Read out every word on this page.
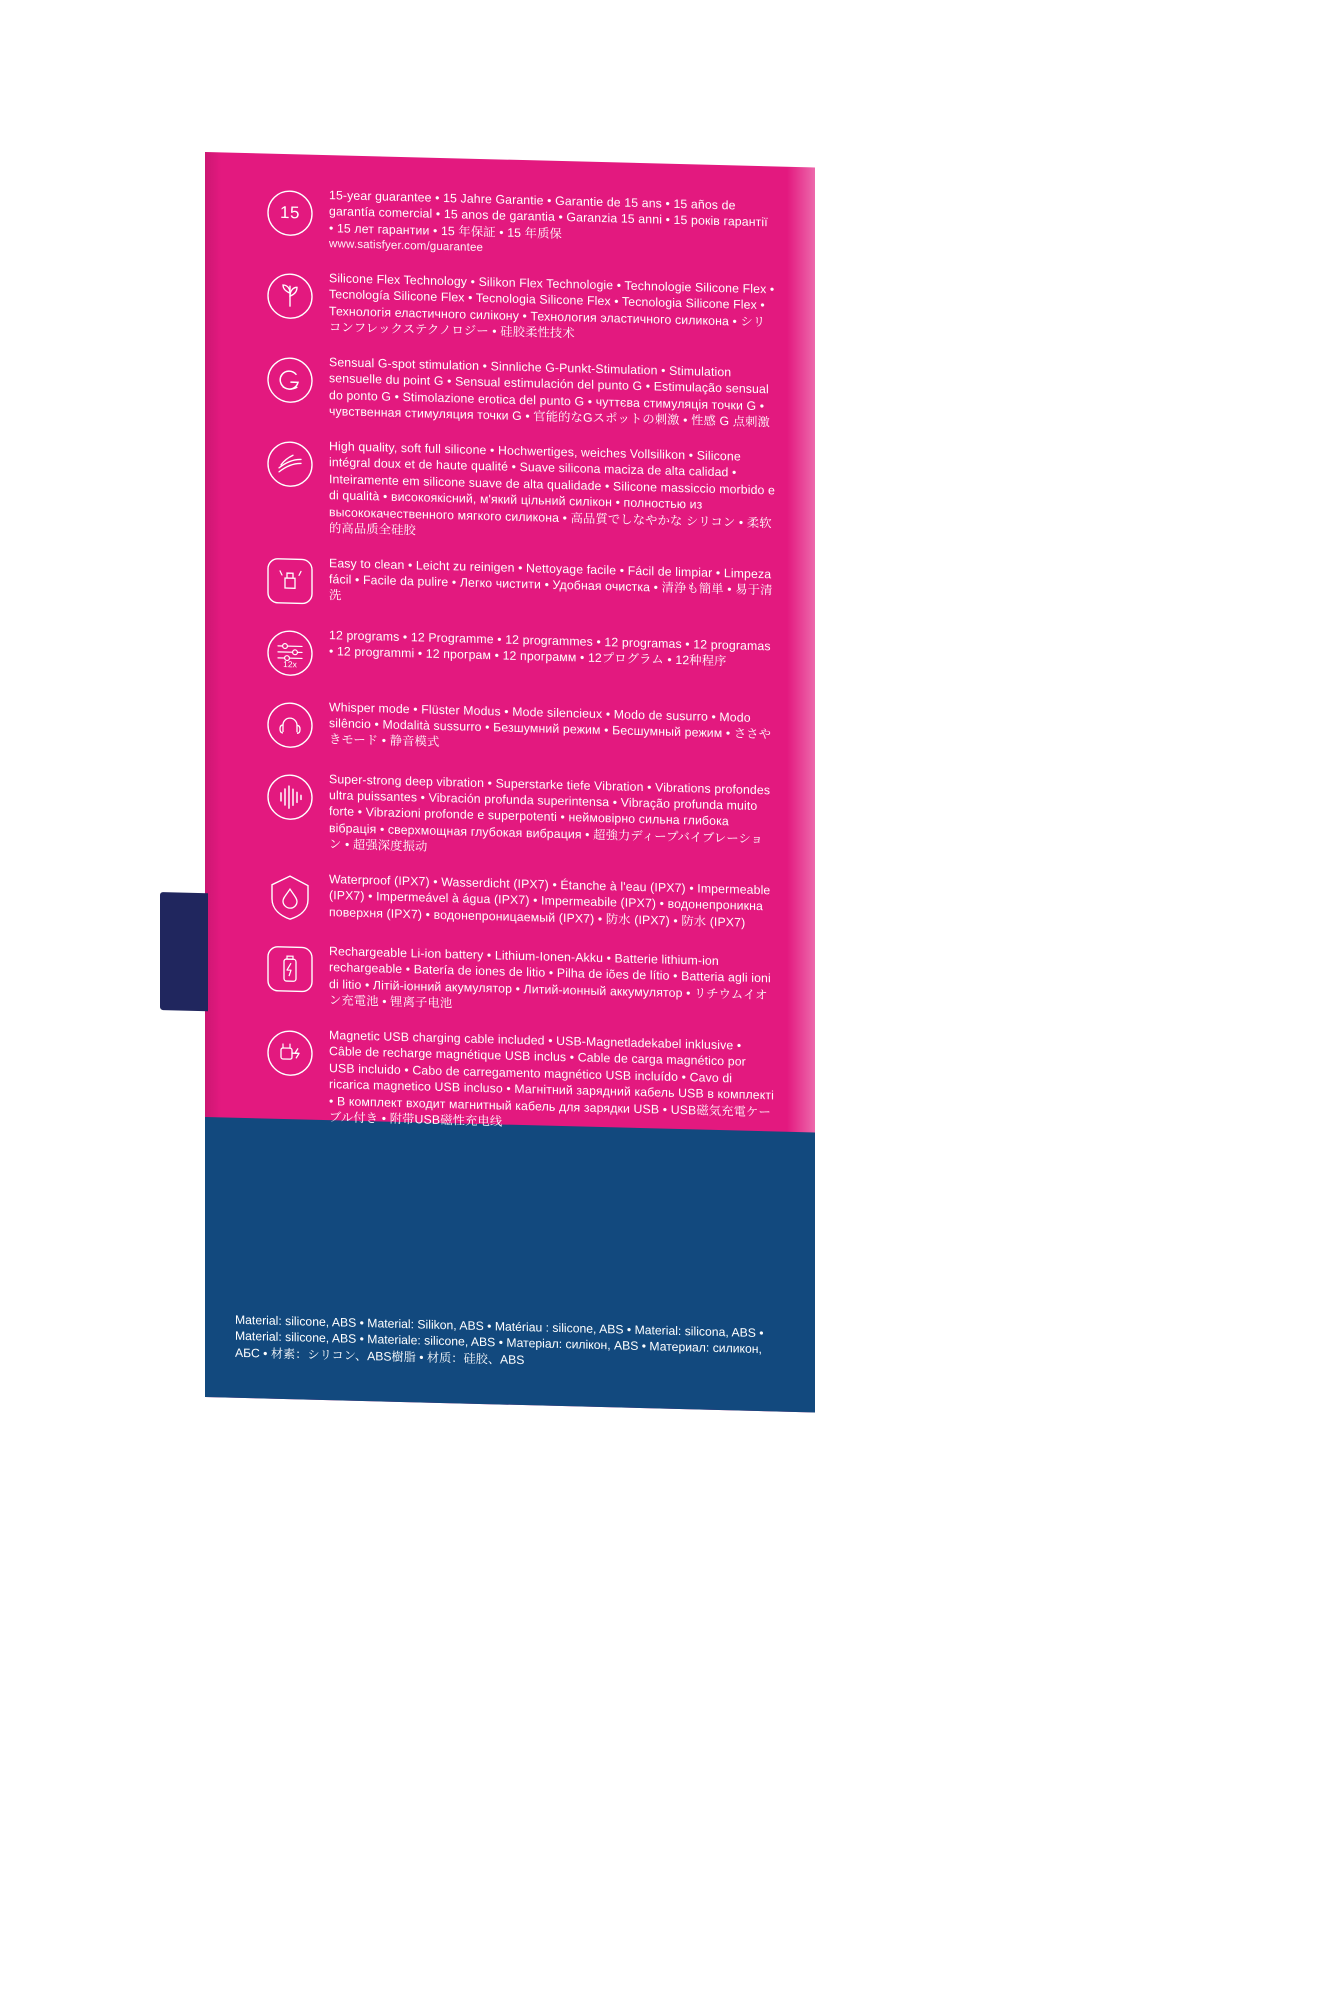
15
15-year guarantee • 15 Jahre Garantie • Garantie de 15 ans • 15 años de garantía comercial • 15 anos de garantia • Garanzia 15 anni • 15 років гарантії • 15 лет гарантии • 15 年保証 • 15 年质保
www.satisfyer.com/guarantee
Silicone Flex Technology • Silikon Flex Technologie • Technologie Silicone Flex • Tecnología Silicone Flex • Tecnologia Silicone Flex • Tecnologia Silicone Flex • Технологія еластичного силікону • Технология эластичного силикона • シリコンフレックステクノロジー • 硅胶柔性技术
Sensual G-spot stimulation • Sinnliche G-Punkt-Stimulation • Stimulation sensuelle du point G • Sensual estimulación del punto G • Estimulação sensual do ponto G • Stimolazione erotica del punto G • чуттєва стимуляція точки G • чувственная стимуляция точки G • 官能的なGスポットの刺激 • 性感 G 点刺激
High quality, soft full silicone • Hochwertiges, weiches Vollsilikon • Silicone intégral doux et de haute qualité • Suave silicona maciza de alta calidad • Inteiramente em silicone suave de alta qualidade • Silicone massiccio morbido e di qualità • високоякісний, м'який цільний силікон • полностью из высококачественного мягкого силикона • 高品質でしなやかな シリコン • 柔软的高品质全硅胶
Easy to clean • Leicht zu reinigen • Nettoyage facile • Fácil de limpiar • Limpeza fácil • Facile da pulire • Легко чистити • Удобная очистка • 清浄も簡単 • 易于清洗
12x
12 programs • 12 Programme • 12 programmes • 12 programas • 12 programas • 12 programmi • 12 програм • 12 программ • 12プログラム • 12种程序
Whisper mode • Flüster Modus • Mode silencieux • Modo de susurro • Modo silêncio • Modalità sussurro • Безшумний режим • Бесшумный режим • ささやきモード • 静音模式
Super-strong deep vibration • Superstarke tiefe Vibration • Vibrations profondes ultra puissantes • Vibración profunda superintensa • Vibração profunda muito forte • Vibrazioni profonde e superpotenti • неймовірно сильна глибока вібрація • сверхмощная глубокая вибрация • 超強力ディープバイブレーション • 超强深度振动
Waterproof (IPX7) • Wasserdicht (IPX7) • Étanche à l'eau (IPX7) • Impermeable (IPX7) • Impermeável à água (IPX7) • Impermeabile (IPX7) • водонепроникна поверхня (IPX7) • водонепроницаемый (IPX7) • 防水 (IPX7) • 防水 (IPX7)
Rechargeable Li-ion battery • Lithium-Ionen-Akku • Batterie lithium-ion rechargeable • Batería de iones de litio • Pilha de iões de lítio • Batteria agli ioni di litio • Літій-іонний акумулятор • Литий-ионный аккумулятор • リチウムイオン充電池 • 锂离子电池
Magnetic USB charging cable included • USB-Magnetladekabel inklusive • Câble de recharge magnétique USB inclus • Cable de carga magnético por USB incluido • Cabo de carregamento magnético USB incluído • Cavo di ricarica magnetico USB incluso • Магнітний зарядний кабель USB в комплекті • В комплект входит магнитный кабель для зарядки USB • USB磁気充電ケーブル付き • 附带USB磁性充电线
Material: silicone, ABS • Material: Silikon, ABS • Matériau : silicone, ABS • Material: silicona, ABS • Material: silicone, ABS • Materiale: silicone, ABS • Матеріал: силікон, ABS • Материал: силикон, АБС • 材素：シリコン、ABS樹脂 • 材质：硅胶、ABS
